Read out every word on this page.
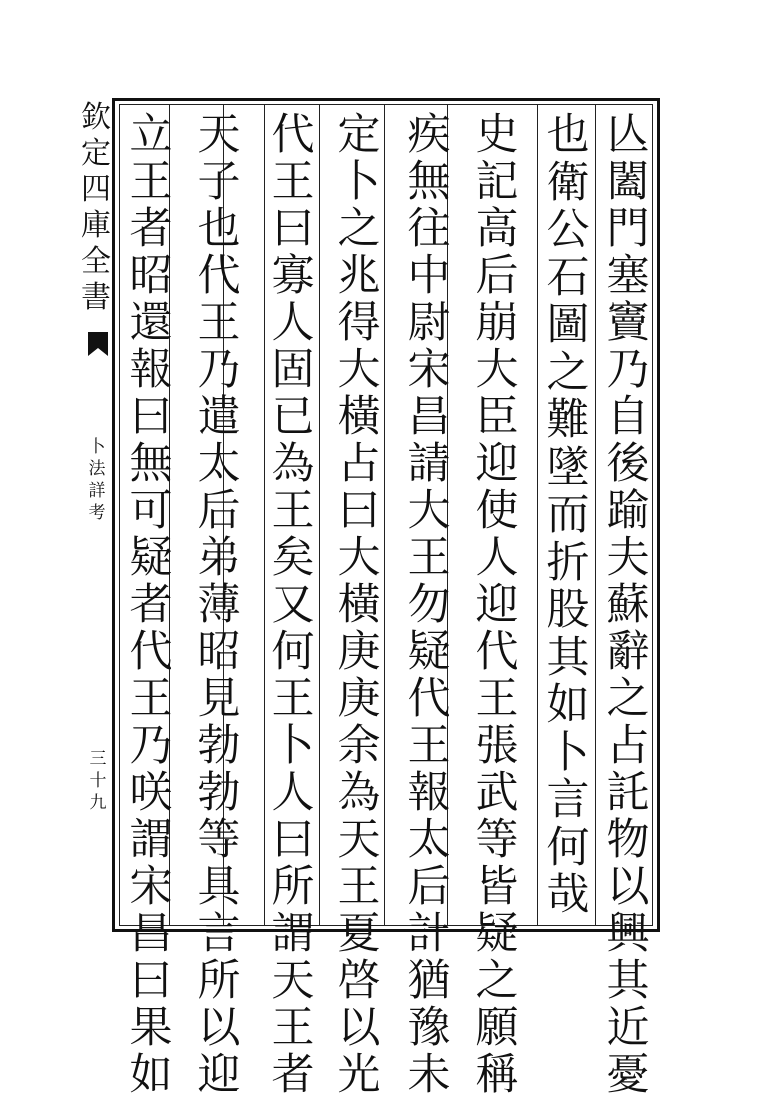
亾
闔
門
塞
竇
乃
自
後
踰
夫
蘇
辭
之
占
託
物
以
興
其
近
憂
也
衛
公
石
圖
之
難
墜
而
折
股
其
如
卜
言
何
哉
史
記
高
后
崩
大
臣
迎
使
人
迎
代
王
張
武
等
皆
疑
之
願
稱
疾
無
往
中
尉
宋
昌
請
大
王
勿
疑
代
王
報
太
后
計
猶
豫
未
定
卜
之
兆
得
大
橫
占
曰
大
橫
庚
庚
余
為
天
王
夏
啓
以
光
代
王
曰
寡
人
固
已
為
王
矣
又
何
王
卜
人
曰
所
謂
天
王
者
天
子
也
代
王
乃
遣
太
后
弟
薄
昭
見
勃
勃
等
具
言
所
以
迎
立
王
者
昭
還
報
曰
無
可
疑
者
代
王
乃
咲
謂
宋
昌
曰
果
如
欽
定
四
庫
全
書
卜
法
詳
考
三
十
九
